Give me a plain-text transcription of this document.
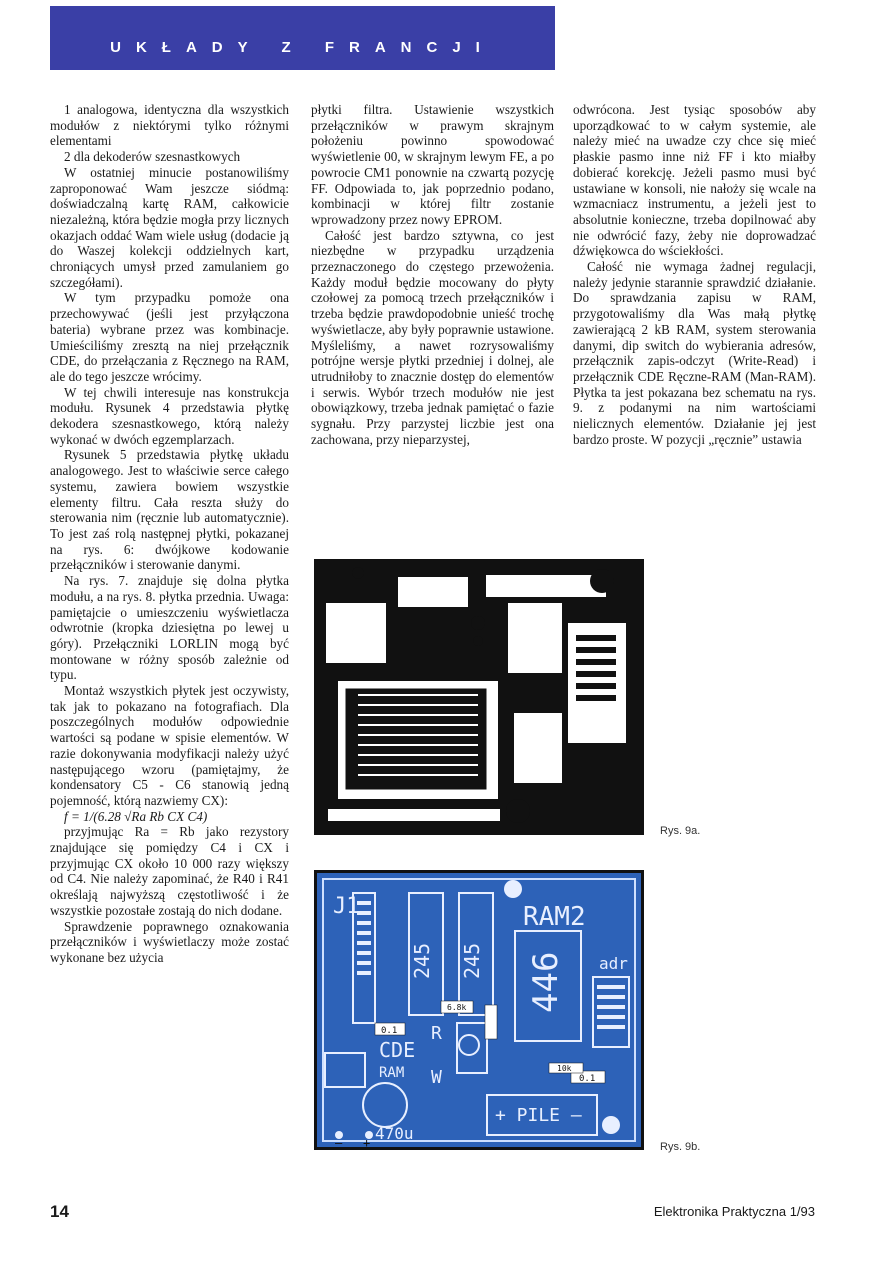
UKŁADY Z FRANCJI

1 analogowa, identyczna dla wszystkich modułów z niektórymi tylko różnymi elementami

2 dla dekoderów szesnastkowych

W ostatniej minucie postanowiliśmy zaproponować Wam jeszcze siódmą: doświadczalną kartę RAM, całkowicie niezależną, która będzie mogła przy licznych okazjach oddać Wam wiele usług (dodacie ją do Waszej kolekcji oddzielnych kart, chroniących umysł przed zamulaniem go szczegółami).

W tym przypadku pomoże ona przechowywać (jeśli jest przyłączona bateria) wybrane przez was kombinacje. Umieściliśmy zresztą na niej przełącznik CDE, do przełączania z Ręcznego na RAM, ale do tego jeszcze wrócimy.

W tej chwili interesuje nas konstrukcja modułu. Rysunek 4 przedstawia płytkę dekodera szesnastkowego, którą należy wykonać w dwóch egzemplarzach.

Rysunek 5 przedstawia płytkę układu analogowego. Jest to właściwie serce całego systemu, zawiera bowiem wszystkie elementy filtru. Cała reszta służy do sterowania nim (ręcznie lub automatycznie). To jest zaś rolą następnej płytki, pokazanej na rys. 6: dwójkowe kodowanie przełączników i sterowanie danymi.

Na rys. 7. znajduje się dolna płytka modułu, a na rys. 8. płytka przednia. Uwaga: pamiętajcie o umieszczeniu wyświetlacza odwrotnie (kropka dziesiętna po lewej u góry). Przełączniki LORLIN mogą być montowane w różny sposób zależnie od typu.

Montaż wszystkich płytek jest oczywisty, tak jak to pokazano na fotografiach. Dla poszczególnych modułów odpowiednie wartości są podane w spisie elementów. W razie dokonywania modyfikacji należy użyć następującego wzoru (pamiętajmy, że kondensatory C5 - C6 stanowią jedną pojemność, którą nazwiemy CX):

f = 1/(6.28 √Ra Rb CX C4)

przyjmując Ra = Rb jako rezystory znajdujące się pomiędzy C4 i CX i przyjmując CX około 10 000 razy większy od C4. Nie należy zapominać, że R40 i R41 określają najwyższą częstotliwość i że wszystkie pozostałe zostają do nich dodane.

Sprawdzenie poprawnego oznakowania przełączników i wyświetlaczy może zostać wykonane bez użycia

płytki filtra. Ustawienie wszystkich przełączników w prawym skrajnym położeniu powinno spowodować wyświetlenie 00, w skrajnym lewym FE, a po powrocie CM1 ponownie na czwartą pozycję FF. Odpowiada to, jak poprzednio podano, kombinacji w której filtr zostanie wprowadzony przez nowy EPROM.

Całość jest bardzo sztywna, co jest niezbędne w przypadku urządzenia przeznaczonego do częstego przewożenia. Każdy moduł będzie mocowany do płyty czołowej za pomocą trzech przełączników i trzeba będzie prawdopodobnie unieść trochę wyświetlacze, aby były poprawnie ustawione. Myśleliśmy, a nawet rozrysowaliśmy potrójne wersje płytki przedniej i dolnej, ale utrudniłoby to znacznie dostęp do elementów i serwis. Wybór trzech modułów nie jest obowiązkowy, trzeba jednak pamiętać o fazie sygnału. Przy parzystej liczbie jest ona zachowana, przy nieparzystej,

odwrócona. Jest tysiąc sposobów aby uporządkować to w całym systemie, ale należy mieć na uwadze czy chce się mieć płaskie pasmo inne niż FF i kto miałby dobierać korekcję. Jeżeli pasmo musi być ustawiane w konsoli, nie nałoży się wcale na wzmacniacz instrumentu, a jeżeli jest to absolutnie konieczne, trzeba dopilnować aby nie odwrócić fazy, żeby nie doprowadzać dźwiękowca do wściekłości.

Całość nie wymaga żadnej regulacji, należy jedynie starannie sprawdzić działanie. Do sprawdzania zapisu w RAM, przygotowaliśmy dla Was małą płytkę zawierającą 2 kB RAM, system sterowania danymi, dip switch do wybierania adresów, przełącznik zapis-odczyt (Write-Read) i przełącznik CDE Ręczne-RAM (Man-RAM). Płytka ta jest pokazana bez schematu na rys. 9. z podanymi na nim wartościami nielicznych elementów. Działanie jej jest bardzo proste. W pozycji „ręcznie” ustawia

Rys. 9a.
J1	RAM2
245 245 446 adr
CDE
RAM
R
W
+ PILE –
470u
0.1
0.1
10k
6.8k
– +	Rys. 9b.
14	Elektronika Praktyczna 1/93
